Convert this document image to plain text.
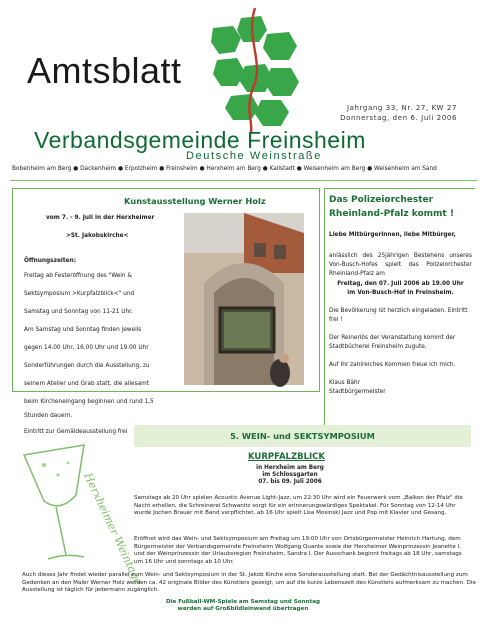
Amtsblatt
Jahrgang 33, Nr. 27, KW 27
Donnerstag, den 6. Juli 2006
Verbandsgemeinde Freinsheim
Deutsche Weinstraße
Bobenheim am Berg ● Dackenheim ● Erpolzheim ● Freinsheim ● Herxheim am Berg ● Kallstadt ● Weisenheim am Berg ● Weisenheim am Sand
Kunstausstellung Werner Holz
vom 7. - 9. Juli in der Herxheimer
>St. Jakobskirche<
Öffnungszeiten:
Freitag ab Festeröffnung des "Wein &
Sektsymposium >Kurpfalzblick<" und
Samstag und Sonntag von 11-21 Uhr.
Am Samstag und Sonntag finden jeweils
gegen 14.00 Uhr, 16.00 Uhr und 19.00 Uhr
Sonderführungen durch die Ausstellung, zu
seinem Atelier und Grab statt, die allesamt
beim Kircheneingang beginnen und rund 1,5
Stunden dauern.
Eintritt zur Gemäldeausstellung frei
Das Polizeiorchester
Rheinland-Pfalz kommt !
Liebe Mitbürgerinnen, liebe Mitbürger,
anlässlich des 25jährigen Bestehens unseres Von-Busch-Hofes spielt das Polizeiorchester Rheinland-Pfalz am
Freitag, den 07. Juli 2006 ab 19.00 Uhr
im Von-Busch-Hof in Freinsheim.
Die Bevölkerung ist herzlich eingeladen. Eintritt frei !
Der Reinerlös der Veranstaltung kommt der Stadtbücherei Freinsheim zugute.
Auf Ihr zahlreiches Kommen freue ich mich.
Klaus Bähr
Stadtbürgermeister
5. WEIN- und SEKTSYMPOSIUM
KURPFALZBLICK
in Herxheim am Berg
im Schlossgarten
07. bis 09. Juli 2006
Herxheimer Weintage
Samstags ab 20 Uhr spielen Acoustic Avenue Light-Jazz, um 22:30 Uhr wird ein Feuerwerk vom „Balkon der Pfalz" die Nacht erhellen, die Schreinerei Schwanitz sorgt für ein erinnerungswürdiges Spektakel. Für Sonntag von 12-14 Uhr wurde Jochen Brauer mit Band verpflichtet, ab 16 Uhr spielt Lisa Mosinski Jazz und Pop mit Klavier und Gesang.
Eröffnet wird das Wein- und Sektsymposium am Freitag um 19:00 Uhr von Ortsbürgermeister Heinrich Hartung, dem Bürgermeister der Verbandsgemeinde Freinsheim Wolfgang Quante sowie der Herxheimer Weinprinzessin Jeanette I. und der Weinprinzessin der Urlaubsregion Freinsheim, Sandra I. Der Ausschank beginnt freitags ab 18 Uhr, samstags um 16 Uhr und sonntags ab 10 Uhr.
Auch dieses Jahr findet wieder parallel zum Wein- und Sektsymposium in der St. Jakob Kirche eine Sonderausstellung statt. Bei der Gedächtnisausstellung zum Gedenken an den Maler Werner Holz werden ca. 42 originale Bilder des Künstlers gezeigt, um auf die kurze Lebenszeit des Künstlers aufmerksam zu machen. Die Ausstellung ist täglich für jedermann zugänglich.
Die Fußball-WM-Spiele am Samstag und Sonntag
werden auf Großbildleinwand übertragen
